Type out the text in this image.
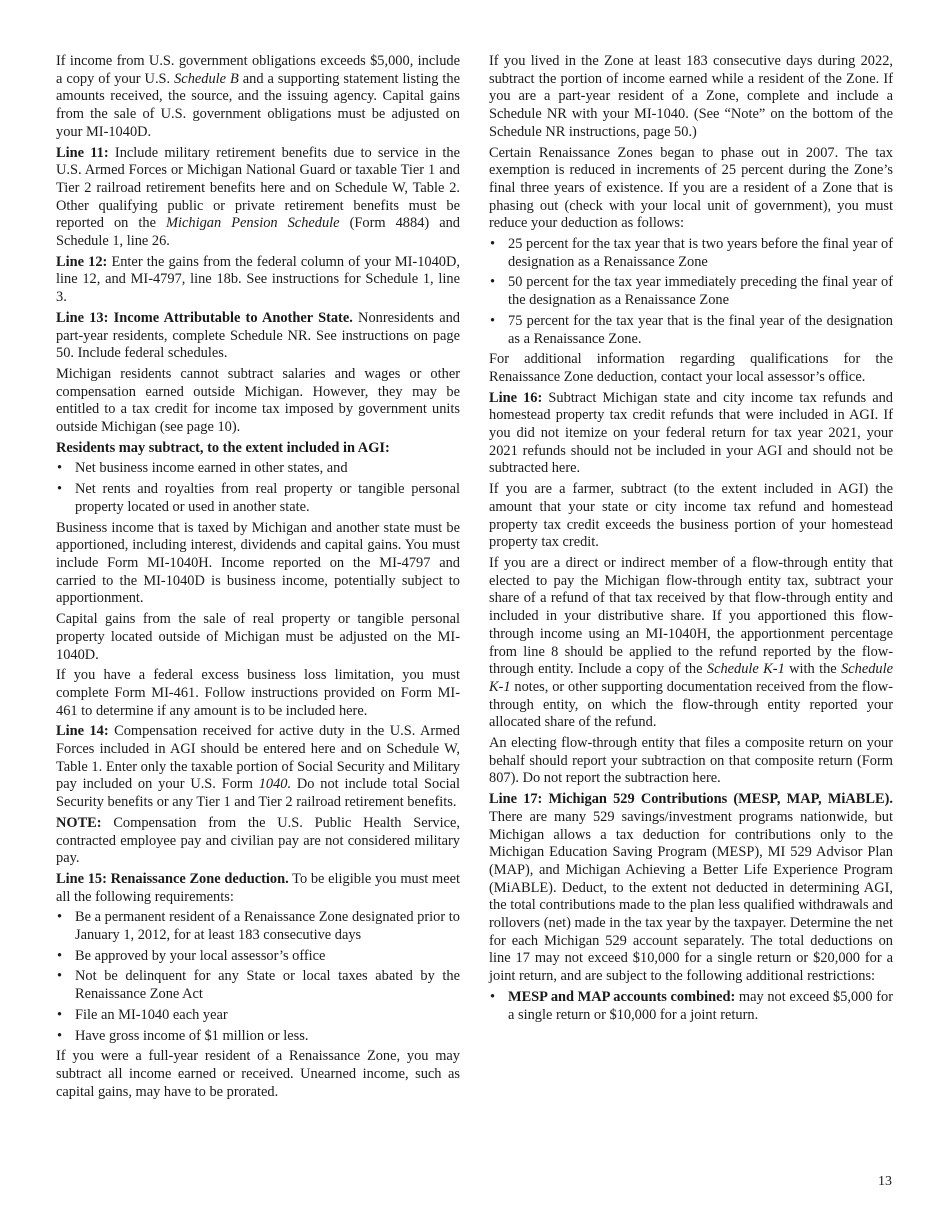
If income from U.S. government obligations exceeds $5,000, include a copy of your U.S. Schedule B and a supporting statement listing the amounts received, the source, and the issuing agency. Capital gains from the sale of U.S. government obligations must be adjusted on your MI-1040D.

Line 11: Include military retirement benefits due to service in the U.S. Armed Forces or Michigan National Guard or taxable Tier 1 and Tier 2 railroad retirement benefits here and on Schedule W, Table 2. Other qualifying public or private retirement benefits must be reported on the Michigan Pension Schedule (Form 4884) and Schedule 1, line 26.

Line 12: Enter the gains from the federal column of your MI-1040D, line 12, and MI-4797, line 18b. See instructions for Schedule 1, line 3.

Line 13: Income Attributable to Another State. Nonresidents and part-year residents, complete Schedule NR. See instructions on page 50. Include federal schedules.

Michigan residents cannot subtract salaries and wages or other compensation earned outside Michigan. However, they may be entitled to a tax credit for income tax imposed by government units outside Michigan (see page 10).

Residents may subtract, to the extent included in AGI:

• Net business income earned in other states, and
• Net rents and royalties from real property or tangible personal property located or used in another state.

Business income that is taxed by Michigan and another state must be apportioned, including interest, dividends and capital gains. You must include Form MI-1040H. Income reported on the MI-4797 and carried to the MI-1040D is business income, potentially subject to apportionment.

Capital gains from the sale of real property or tangible personal property located outside of Michigan must be adjusted on the MI-1040D.

If you have a federal excess business loss limitation, you must complete Form MI-461. Follow instructions provided on Form MI-461 to determine if any amount is to be included here.

Line 14: Compensation received for active duty in the U.S. Armed Forces included in AGI should be entered here and on Schedule W, Table 1. Enter only the taxable portion of Social Security and Military pay included on your U.S. Form 1040. Do not include total Social Security benefits or any Tier 1 and Tier 2 railroad retirement benefits.

NOTE: Compensation from the U.S. Public Health Service, contracted employee pay and civilian pay are not considered military pay.

Line 15: Renaissance Zone deduction. To be eligible you must meet all the following requirements:

• Be a permanent resident of a Renaissance Zone designated prior to January 1, 2012, for at least 183 consecutive days
• Be approved by your local assessor’s office
• Not be delinquent for any State or local taxes abated by the Renaissance Zone Act
• File an MI-1040 each year
• Have gross income of $1 million or less.

If you were a full-year resident of a Renaissance Zone, you may subtract all income earned or received. Unearned income, such as capital gains, may have to be prorated.

If you lived in the Zone at least 183 consecutive days during 2022, subtract the portion of income earned while a resident of the Zone. If you are a part-year resident of a Zone, complete and include a Schedule NR with your MI-1040. (See “Note” on the bottom of the Schedule NR instructions, page 50.)

Certain Renaissance Zones began to phase out in 2007. The tax exemption is reduced in increments of 25 percent during the Zone’s final three years of existence. If you are a resident of a Zone that is phasing out (check with your local unit of government), you must reduce your deduction as follows:

• 25 percent for the tax year that is two years before the final year of designation as a Renaissance Zone
• 50 percent for the tax year immediately preceding the final year of the designation as a Renaissance Zone
• 75 percent for the tax year that is the final year of the designation as a Renaissance Zone.

For additional information regarding qualifications for the Renaissance Zone deduction, contact your local assessor’s office.

Line 16: Subtract Michigan state and city income tax refunds and homestead property tax credit refunds that were included in AGI. If you did not itemize on your federal return for tax year 2021, your 2021 refunds should not be included in your AGI and should not be subtracted here.

If you are a farmer, subtract (to the extent included in AGI) the amount that your state or city income tax refund and homestead property tax credit exceeds the business portion of your homestead property tax credit.

If you are a direct or indirect member of a flow-through entity that elected to pay the Michigan flow-through entity tax, subtract your share of a refund of that tax received by that flow-through entity and included in your distributive share. If you apportioned this flow-through income using an MI-1040H, the apportionment percentage from line 8 should be applied to the refund reported by the flow-through entity. Include a copy of the Schedule K-1 with the Schedule K-1 notes, or other supporting documentation received from the flow-through entity, on which the flow-through entity reported your allocated share of the refund.

An electing flow-through entity that files a composite return on your behalf should report your subtraction on that composite return (Form 807). Do not report the subtraction here.

Line 17: Michigan 529 Contributions (MESP, MAP, MiABLE). There are many 529 savings/investment programs nationwide, but Michigan allows a tax deduction for contributions only to the Michigan Education Saving Program (MESP), MI 529 Advisor Plan (MAP), and Michigan Achieving a Better Life Experience Program (MiABLE). Deduct, to the extent not deducted in determining AGI, the total contributions made to the plan less qualified withdrawals and rollovers (net) made in the tax year by the taxpayer. Determine the net for each Michigan 529 account separately. The total deductions on line 17 may not exceed $10,000 for a single return or $20,000 for a joint return, and are subject to the following additional restrictions:

• MESP and MAP accounts combined: may not exceed $5,000 for a single return or $10,000 for a joint return.
13
